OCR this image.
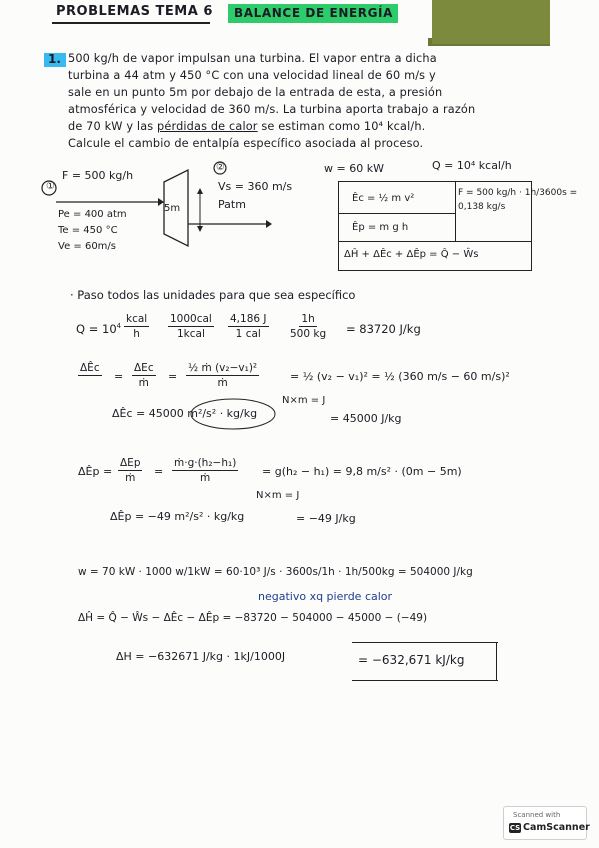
PROBLEMAS TEMA 6	BALANCE DE ENERGÍA
1. 500 kg/h de vapor impulsan una turbina. El vapor entra a dicha
turbina a 44 atm y 450 °C con una velocidad lineal de 60 m/s y
sale en un punto 5m por debajo de la entrada de esta, a presión
atmosférica y velocidad de 360 m/s. La turbina aporta trabajo a razón
de 70 kW y las pérdidas de calor se estiman como 10⁴ kcal/h.
Calcule el cambio de entalpía específico asociada al proceso.
①
②
F = 500 kg/h
5m
Pe = 400 atm
Te = 450 °C
Ve = 60m/s
Vs = 360 m/s
Patm
w = 60 kW	Q = 10⁴ kcal/h
Êc = ½ m v²
Êp = m g h
ΔĤ + ΔÊc + ΔÊp = Q̂ − Ŵs
F = 500 kg/h · 1h/3600s = 0,138 kg/s
· Paso todos las unidades para que sea específico
$Q = 10^4$
kcal
h
1000cal
1kcal
4,186 J
1 cal	$\frac{1h}{500 kg} = 83720$ J/kg
ΔÊc

=
ΔEc
ṁ = $\frac{\text{½ ṁ (v₂−v₁)²}}{\text{ṁ}}$	= ½ (v₂ − v₁)² = ½ (360 m/s − 60 m/s)²
ΔÊc = 45000 m²/s² · kg/kg
N×m = J
= 45000 J/kg
ΔÊp =
ΔEp
ṁ = $\frac{\text{ṁ·g·(h₂−h₁)}}{\text{ṁ}} = g(h_2 - h_1) = 9,8$ m/s² · (0m − 5m)
N×m = J
ΔÊp = −49 m²/s² · kg/kg	= −49 J/kg
w = 70 kW · 1000 w/1kW = 60·10³ J/s · 3600s/1h · 1h/500kg = 504000 J/kg
negativo xq pierde calor
ΔĤ = Q̂ − Ŵs − ΔÊc − ΔÊp = −83720 − 504000 − 45000 − (−49)
ΔH = −632671 J/kg · 1kJ/1000J	= −632,671 kJ/kg
Scanned with
CS CamScanner
